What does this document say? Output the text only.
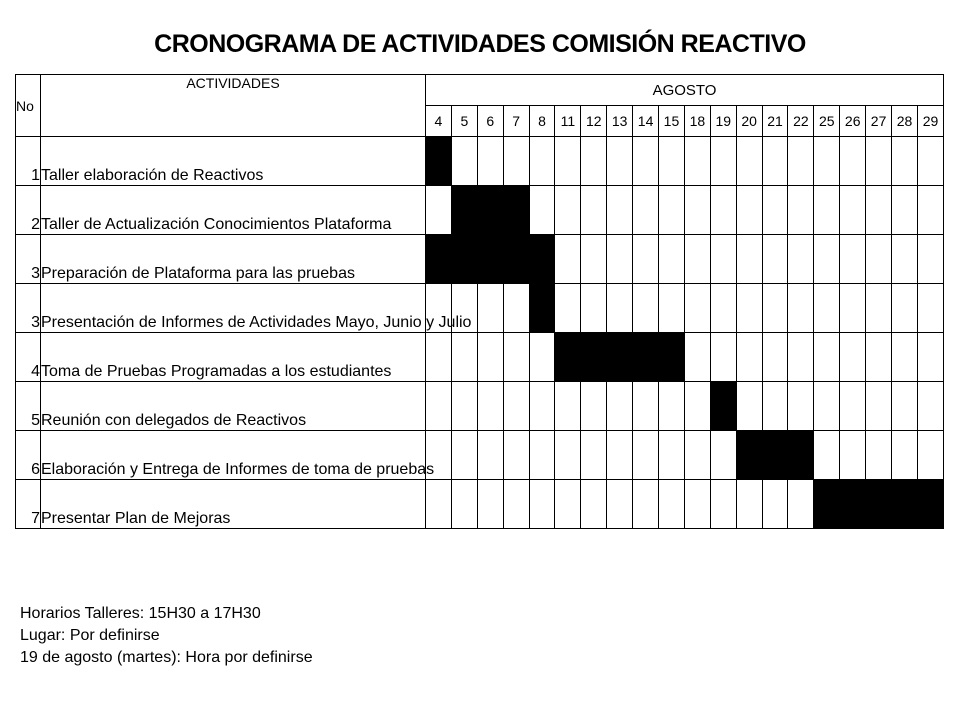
CRONOGRAMA DE ACTIVIDADES COMISIÓN REACTIVO
No	ACTIVIDADES	AGOSTO																			
		4	5	6	7	8	11	12	13	14	15	18	19	20	21	22	25	26	27	28	29
1	Taller elaboración de Reactivos																				
2	Taller de Actualización Conocimientos Plataforma																				
3	Preparación de Plataforma para las pruebas																				
3	Presentación de Informes de Actividades Mayo, Junio y Julio																				
4	Toma de Pruebas Programadas a los estudiantes																				
5	Reunión con delegados de Reactivos																				
6	Elaboración y Entrega de Informes de toma de pruebas																				
7	Presentar Plan de Mejoras																				
Horarios Talleres: 15H30 a 17H30
Lugar: Por definirse
19 de agosto (martes): Hora por definirse
